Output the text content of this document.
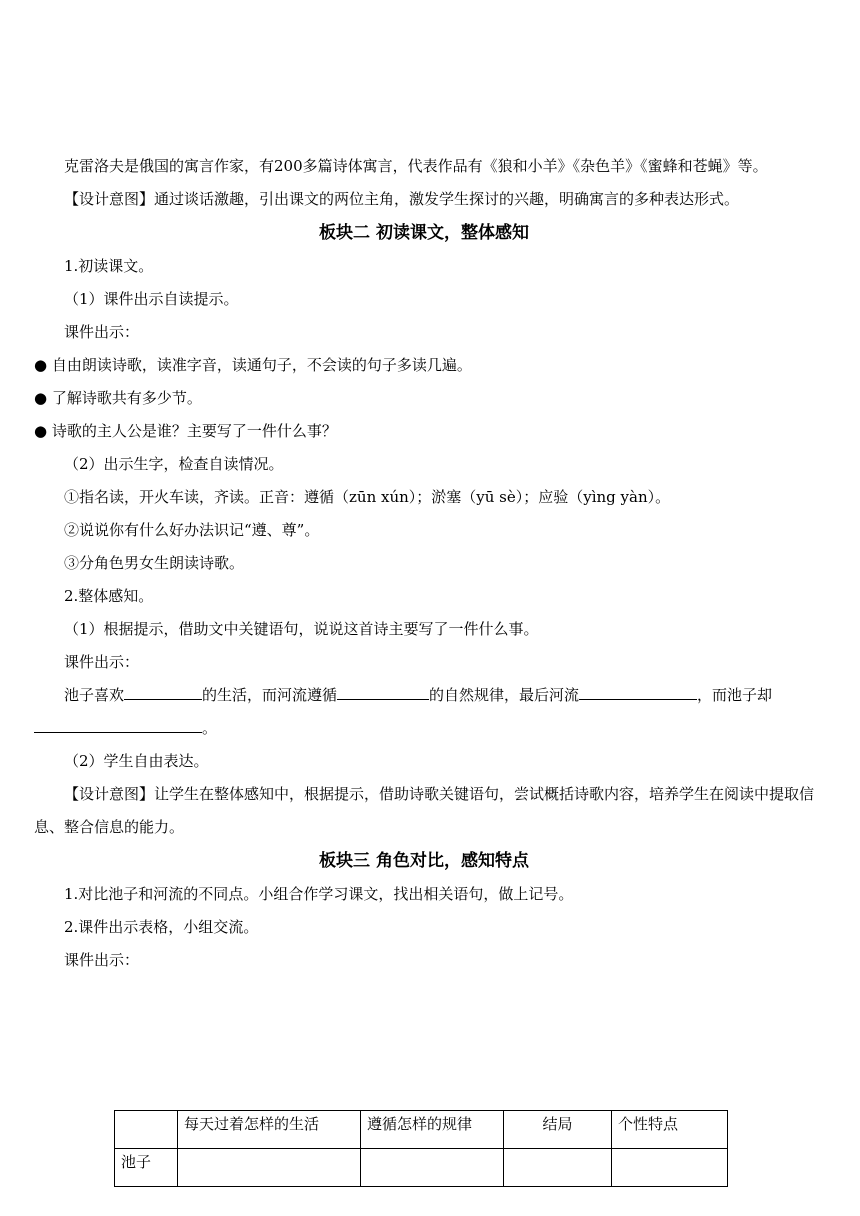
克雷洛夫是俄国的寓言作家，有200多篇诗体寓言，代表作品有《狼和小羊》《杂色羊》《蜜蜂和苍蝇》等。

【设计意图】通过谈话激趣，引出课文的两位主角，激发学生探讨的兴趣，明确寓言的多种表达形式。

板块二 初读课文，整体感知

1.初读课文。

（1）课件出示自读提示。

课件出示：

● 自由朗读诗歌，读准字音，读通句子，不会读的句子多读几遍。

● 了解诗歌共有多少节。

● 诗歌的主人公是谁？主要写了一件什么事？

（2）出示生字，检查自读情况。

①指名读，开火车读，齐读。正音：遵循（zūn xún）；淤塞（yū sè）；应验（yìng yàn）。

②说说你有什么好办法识记“遵、尊”。

③分角色男女生朗读诗歌。

2.整体感知。

（1）根据提示，借助文中关键语句，说说这首诗主要写了一件什么事。

课件出示：

池子喜欢	的生活，而河流遵循	的自然规律，最后河流	，而池子却。

（2）学生自由表达。

【设计意图】让学生在整体感知中，根据提示，借助诗歌关键语句，尝试概括诗歌内容，培养学生在阅读中提取信息、整合信息的能力。

板块三 角色对比，感知特点

1.对比池子和河流的不同点。小组合作学习课文，找出相关语句，做上记号。

2.课件出示表格，小组交流。

课件出示：

	每天过着怎样的生活	遵循怎样的规律	结局	个性特点
池子				
